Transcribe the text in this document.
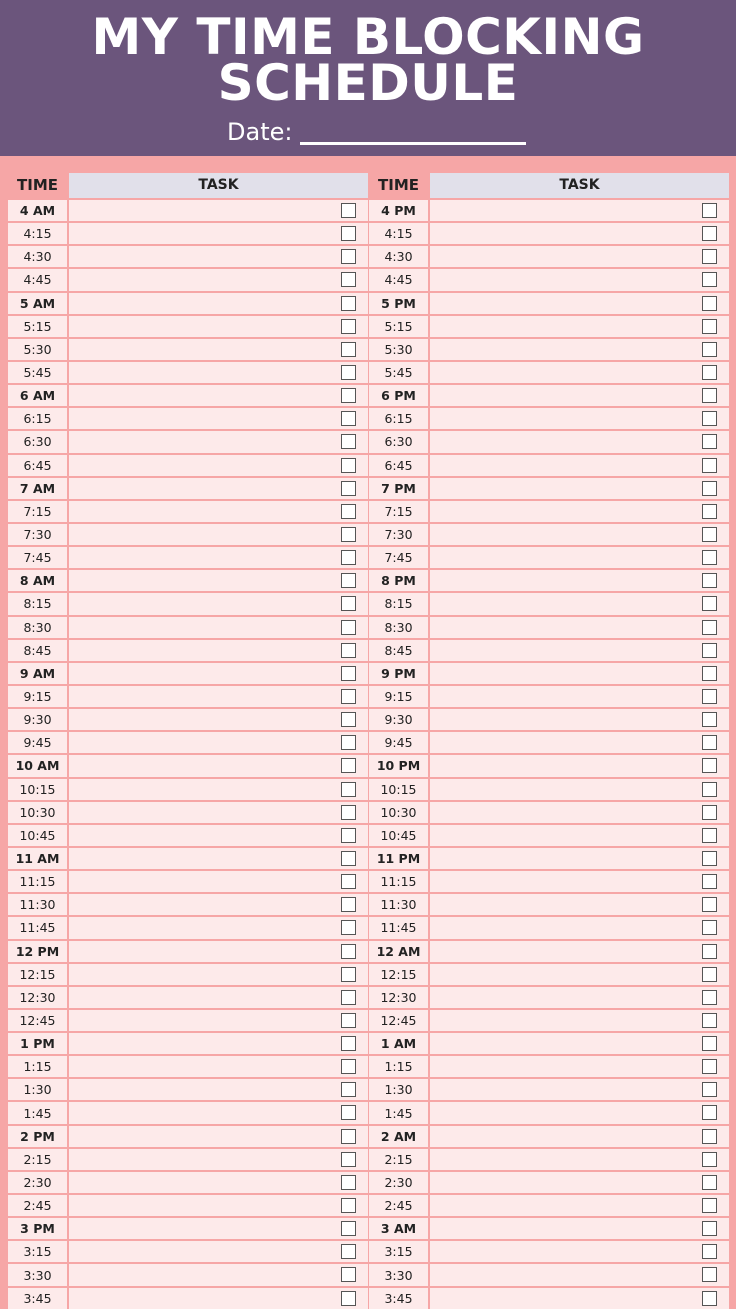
MY TIME BLOCKING
SCHEDULE
Date:
TIME	TASK
4 AM
4:15
4:30
4:45
5 AM
5:15
5:30
5:45
6 AM
6:15
6:30
6:45
7 AM
7:15
7:30
7:45
8 AM
8:15
8:30
8:45
9 AM
9:15
9:30
9:45
10 AM
10:15
10:30
10:45
11 AM
11:15
11:30
11:45
12 PM
12:15
12:30
12:45
1 PM
1:15
1:30
1:45
2 PM
2:15
2:30
2:45
3 PM
3:15
3:30
3:45
TIME	TASK
4 PM
4:15
4:30
4:45
5 PM
5:15
5:30
5:45
6 PM
6:15
6:30
6:45
7 PM
7:15
7:30
7:45
8 PM
8:15
8:30
8:45
9 PM
9:15
9:30
9:45
10 PM
10:15
10:30
10:45
11 PM
11:15
11:30
11:45
12 AM
12:15
12:30
12:45
1 AM
1:15
1:30
1:45
2 AM
2:15
2:30
2:45
3 AM
3:15
3:30
3:45
